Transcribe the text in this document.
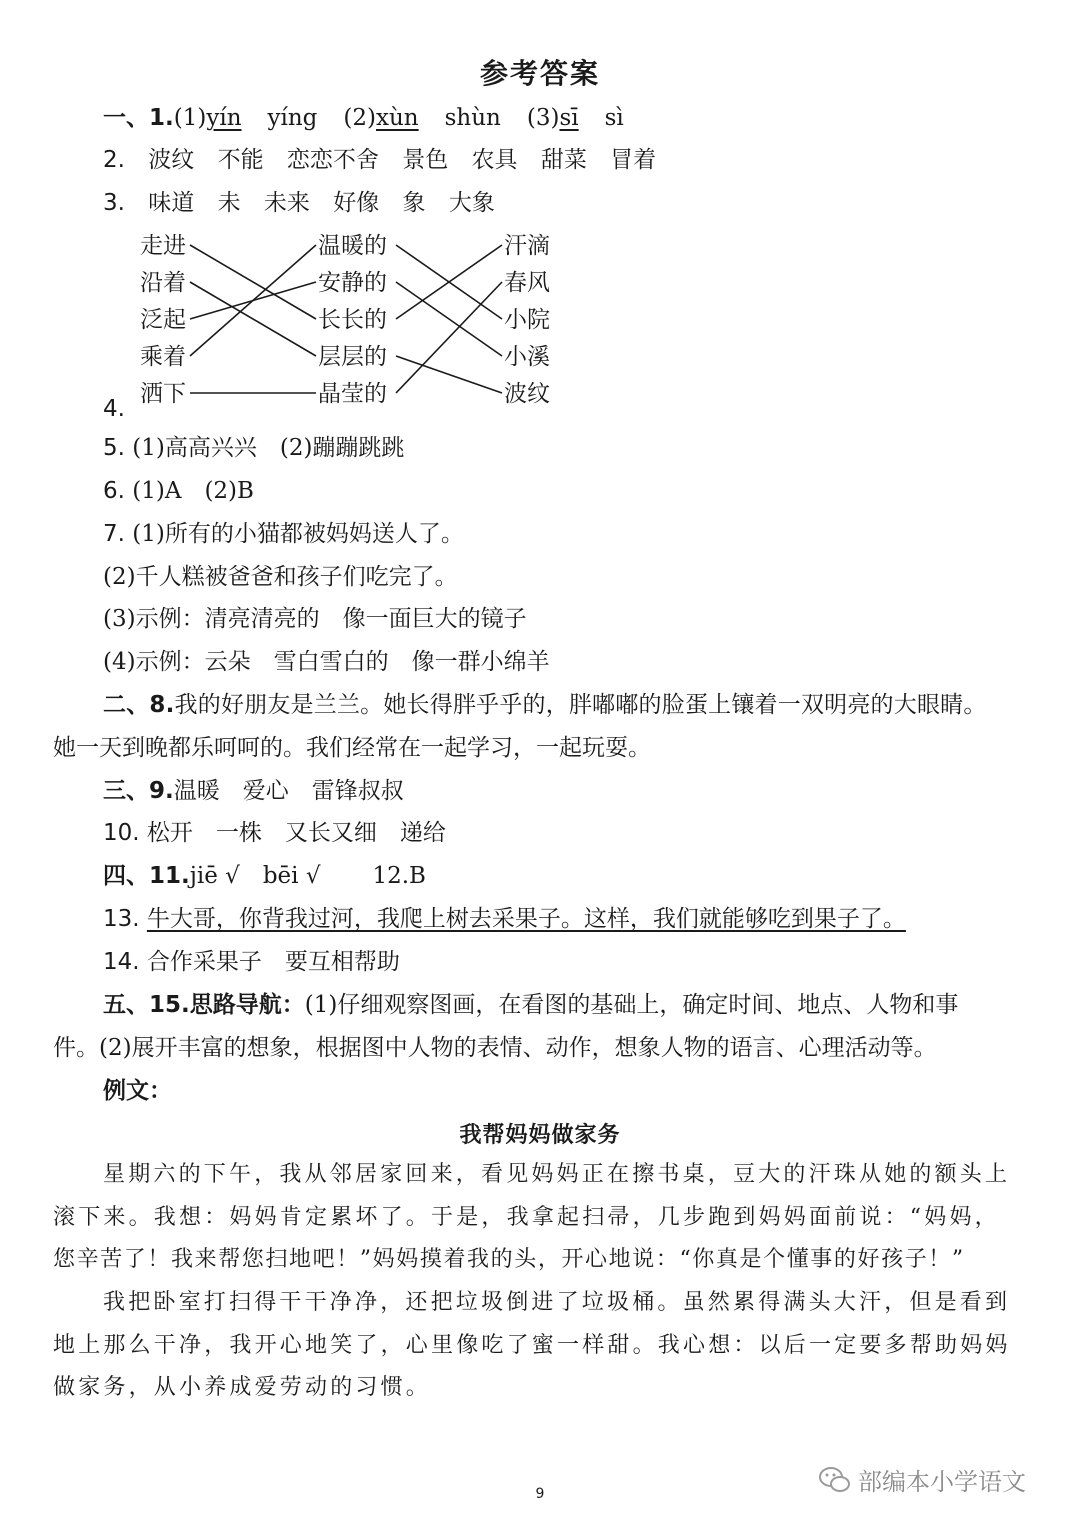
参考答案
一、1.(1)yín yíng (2)xùn shùn (3)sī sì
2. 波纹 不能 恋恋不舍 景色 农具 甜菜 冒着
3. 味道 未 未来 好像 象 大象
走进
沿着
泛起
乘着
洒下
温暖的
安静的
长长的
层层的
晶莹的
汗滴
春风
小院
小溪
波纹
4.
5. (1)高高兴兴　(2)蹦蹦跳跳
6. (1)A　(2)B
7. (1)所有的小猫都被妈妈送人了。
(2)千人糕被爸爸和孩子们吃完了。
(3)示例：清亮清亮的　像一面巨大的镜子
(4)示例：云朵　雪白雪白的　像一群小绵羊
二、8.我的好朋友是兰兰。她长得胖乎乎的，胖嘟嘟的脸蛋上镶着一双明亮的大眼睛。
她一天到晚都乐呵呵的。我们经常在一起学习，一起玩耍。
三、9.温暖　爱心　雷锋叔叔
10. 松开　一株　又长又细　递给
四、11.jiē √　bēi √ 12.B
13. 牛大哥，你背我过河，我爬上树去采果子。这样，我们就能够吃到果子了。
14. 合作采果子　要互相帮助
五、15.思路导航：(1)仔细观察图画，在看图的基础上，确定时间、地点、人物和事
件。(2)展开丰富的想象，根据图中人物的表情、动作，想象人物的语言、心理活动等。
例文：
我帮妈妈做家务
星期六的下午，我从邻居家回来，看见妈妈正在擦书桌，豆大的汗珠从她的额头上
滚下来。我想：妈妈肯定累坏了。于是，我拿起扫帚，几步跑到妈妈面前说：“妈妈，
您辛苦了！我来帮您扫地吧！”妈妈摸着我的头，开心地说：“你真是个懂事的好孩子！”
我把卧室打扫得干干净净，还把垃圾倒进了垃圾桶。虽然累得满头大汗，但是看到
地上那么干净，我开心地笑了，心里像吃了蜜一样甜。我心想：以后一定要多帮助妈妈
做家务，从小养成爱劳动的习惯。
部编本小学语文
9
